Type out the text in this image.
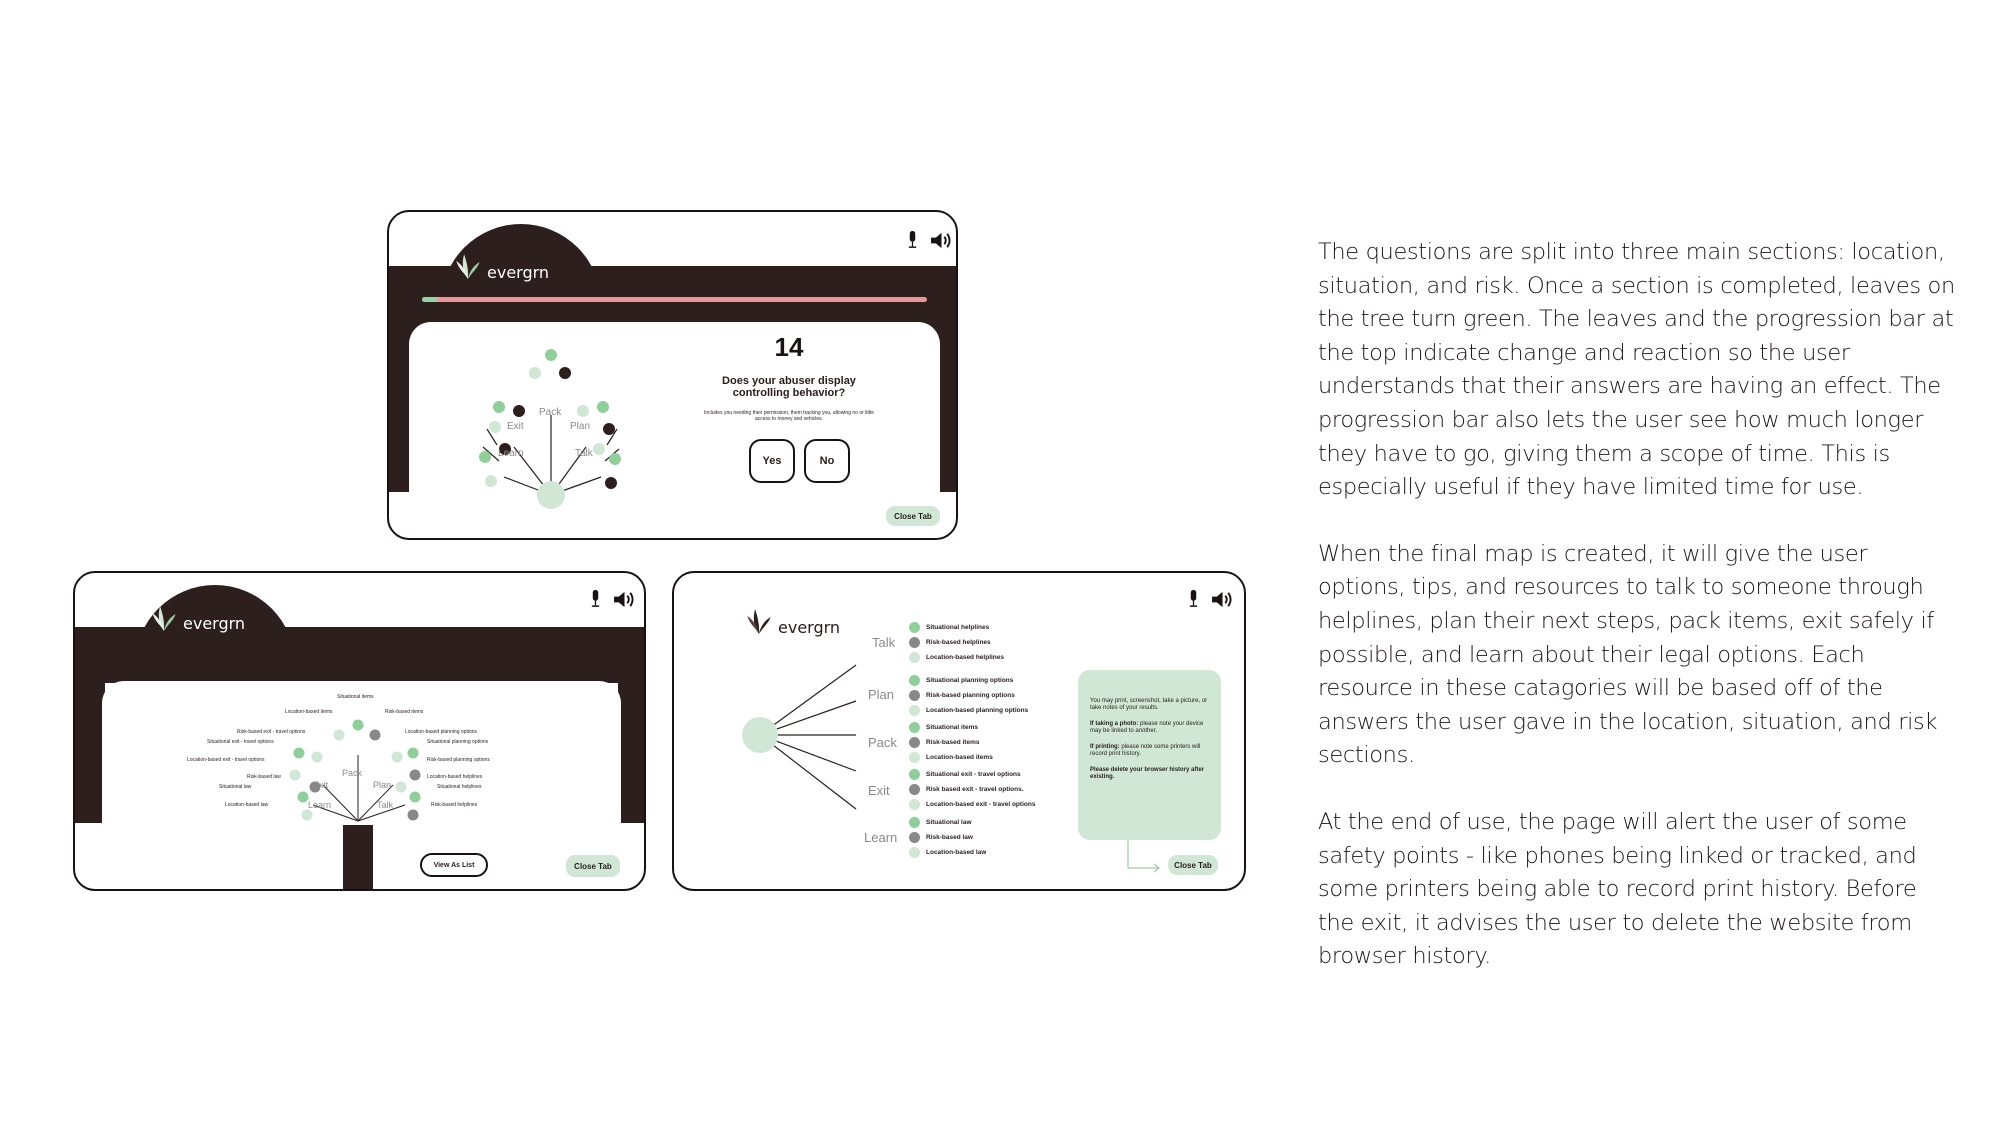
evergrn
Exit
Pack
Plan
Learn	Talk
14
Does your abuser display controlling behavior?
Includes you needing their permission, them tracking you, allowing no or little access to money and vehicles.
Yes	No
Close Tab
evergrn
Situational items
Location-based items	Risk-based items
Risk-based exit - travel options
Situational exit - travel options
Location-based exit - travel options
Risk-based law
Situational law
Location-based law
Location-based planning options
Situational planning options
Risk-based planning options
Location-based helplines
Situational helplines
Risk-based helplines
Exit
Pack
Plan
Learn	Talk
View As List	Close Tab
evergrn
Talk
Plan
Pack
Exit
Learn
Situational helplines
Risk-based helplines
Location-based helplines
Situational planning options
Risk-based planning options
Location-based planning options
Situational items
Risk-based items
Location-based items
Situational exit - travel options
Risk based exit - travel options.
Location-based exit - travel options
Situational law
Risk-based law
Location-based law
You may print, screenshot, take a picture, or take notes of your results.
If taking a photo: please note your device may be linked to another.
If printing: please note some printers will record print history.
Please delete your browser history after existing.
Close Tab

The questions are split into three main sections: location, situation, and risk. Once a section is completed, leaves on the tree turn green. The leaves and the progression bar at the top indicate change and reaction so the user understands that their answers are having an effect. The progression bar also lets the user see how much longer they have to go, giving them a scope of time. This is especially useful if they have limited time for use.

When the final map is created, it will give the user options, tips, and resources to talk to someone through helplines, plan their next steps, pack items, exit safely if possible, and learn about their legal options. Each resource in these catagories will be based off of the answers the user gave in the location, situation, and risk sections.

At the end of use, the page will alert the user of some safety points - like phones being linked or tracked, and some printers being able to record print history. Before the exit, it advises the user to delete the website from browser history.
